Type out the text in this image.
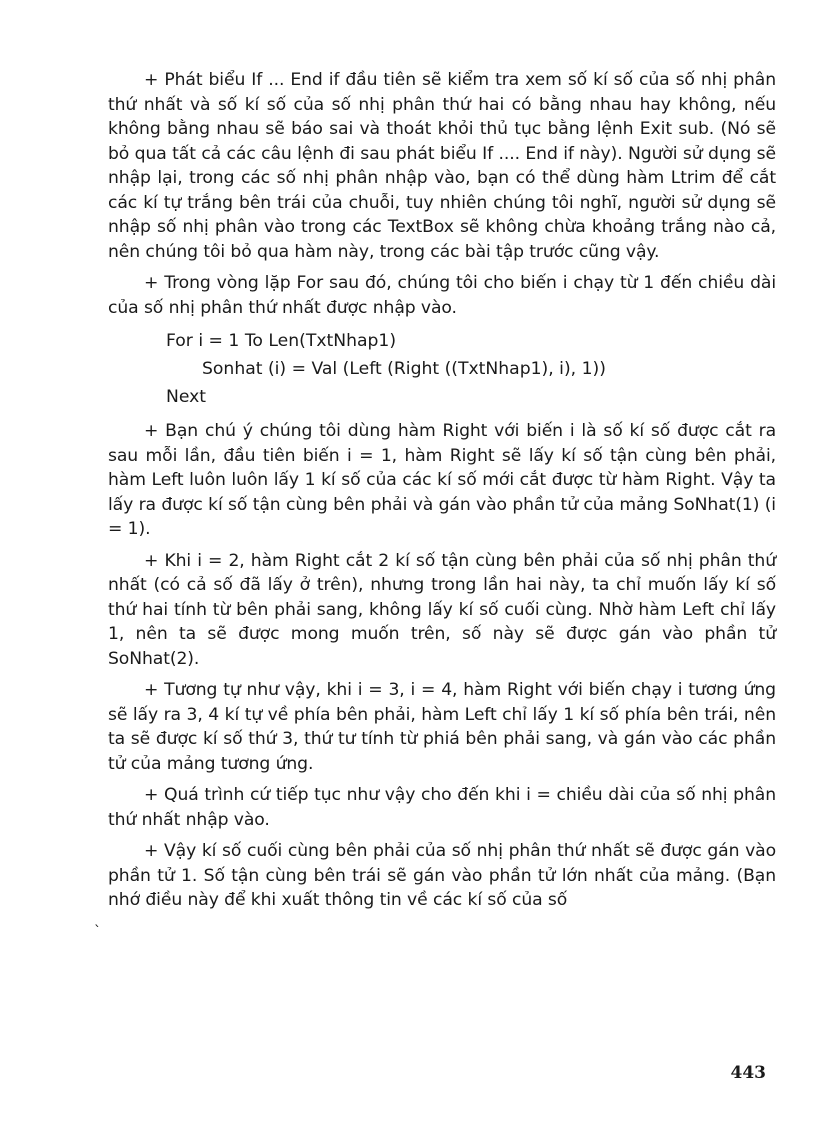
+ Phát biểu If ... End if đầu tiên sẽ kiểm tra xem số kí số của số nhị phân thứ nhất và số kí số của số nhị phân thứ hai có bằng nhau hay không, nếu không bằng nhau sẽ báo sai và thoát khỏi thủ tục bằng lệnh Exit sub. (Nó sẽ bỏ qua tất cả các câu lệnh đi sau phát biểu If .... End if này). Người sử dụng sẽ nhập lại, trong các số nhị phân nhập vào, bạn có thể dùng hàm Ltrim để cắt các kí tự trắng bên trái của chuỗi, tuy nhiên chúng tôi nghĩ, người sử dụng sẽ nhập số nhị phân vào trong các TextBox sẽ không chừa khoảng trắng nào cả, nên chúng tôi bỏ qua hàm này, trong các bài tập trước cũng vậy.

+ Trong vòng lặp For sau đó, chúng tôi cho biến i chạy từ 1 đến chiều dài của số nhị phân thứ nhất được nhập vào.

For i = 1 To Len(TxtNhap1)

Sonhat (i) = Val (Left (Right ((TxtNhap1), i), 1))

Next

+ Bạn chú ý chúng tôi dùng hàm Right với biến i là số kí số được cắt ra sau mỗi lần, đầu tiên biến i = 1, hàm Right sẽ lấy kí số tận cùng bên phải, hàm Left luôn luôn lấy 1 kí số của các kí số mới cắt được từ hàm Right. Vậy ta lấy ra được kí số tận cùng bên phải và gán vào phần tử của mảng SoNhat(1) (i = 1).

+ Khi i = 2, hàm Right cắt 2 kí số tận cùng bên phải của số nhị phân thứ nhất (có cả số đã lấy ở trên), nhưng trong lần hai này, ta chỉ muốn lấy kí số thứ hai tính từ bên phải sang, không lấy kí số cuối cùng. Nhờ hàm Left chỉ lấy 1, nên ta sẽ được mong muốn trên, số này sẽ được gán vào phần tử SoNhat(2).

+ Tương tự như vậy, khi i = 3, i = 4, hàm Right với biến chạy i tương ứng sẽ lấy ra 3, 4 kí tự về phía bên phải, hàm Left chỉ lấy 1 kí số phía bên trái, nên ta sẽ được kí số thứ 3, thứ tư tính từ phiá bên phải sang, và gán vào các phần tử của mảng tương ứng.

+ Quá trình cứ tiếp tục như vậy cho đến khi i = chiều dài của số nhị phân thứ nhất nhập vào.

+ Vậy kí số cuối cùng bên phải của số nhị phân thứ nhất sẽ được gán vào phần tử 1. Số tận cùng bên trái sẽ gán vào phần tử lớn nhất của mảng. (Bạn nhớ điều này để khi xuất thông tin về các kí số của số

`
443
